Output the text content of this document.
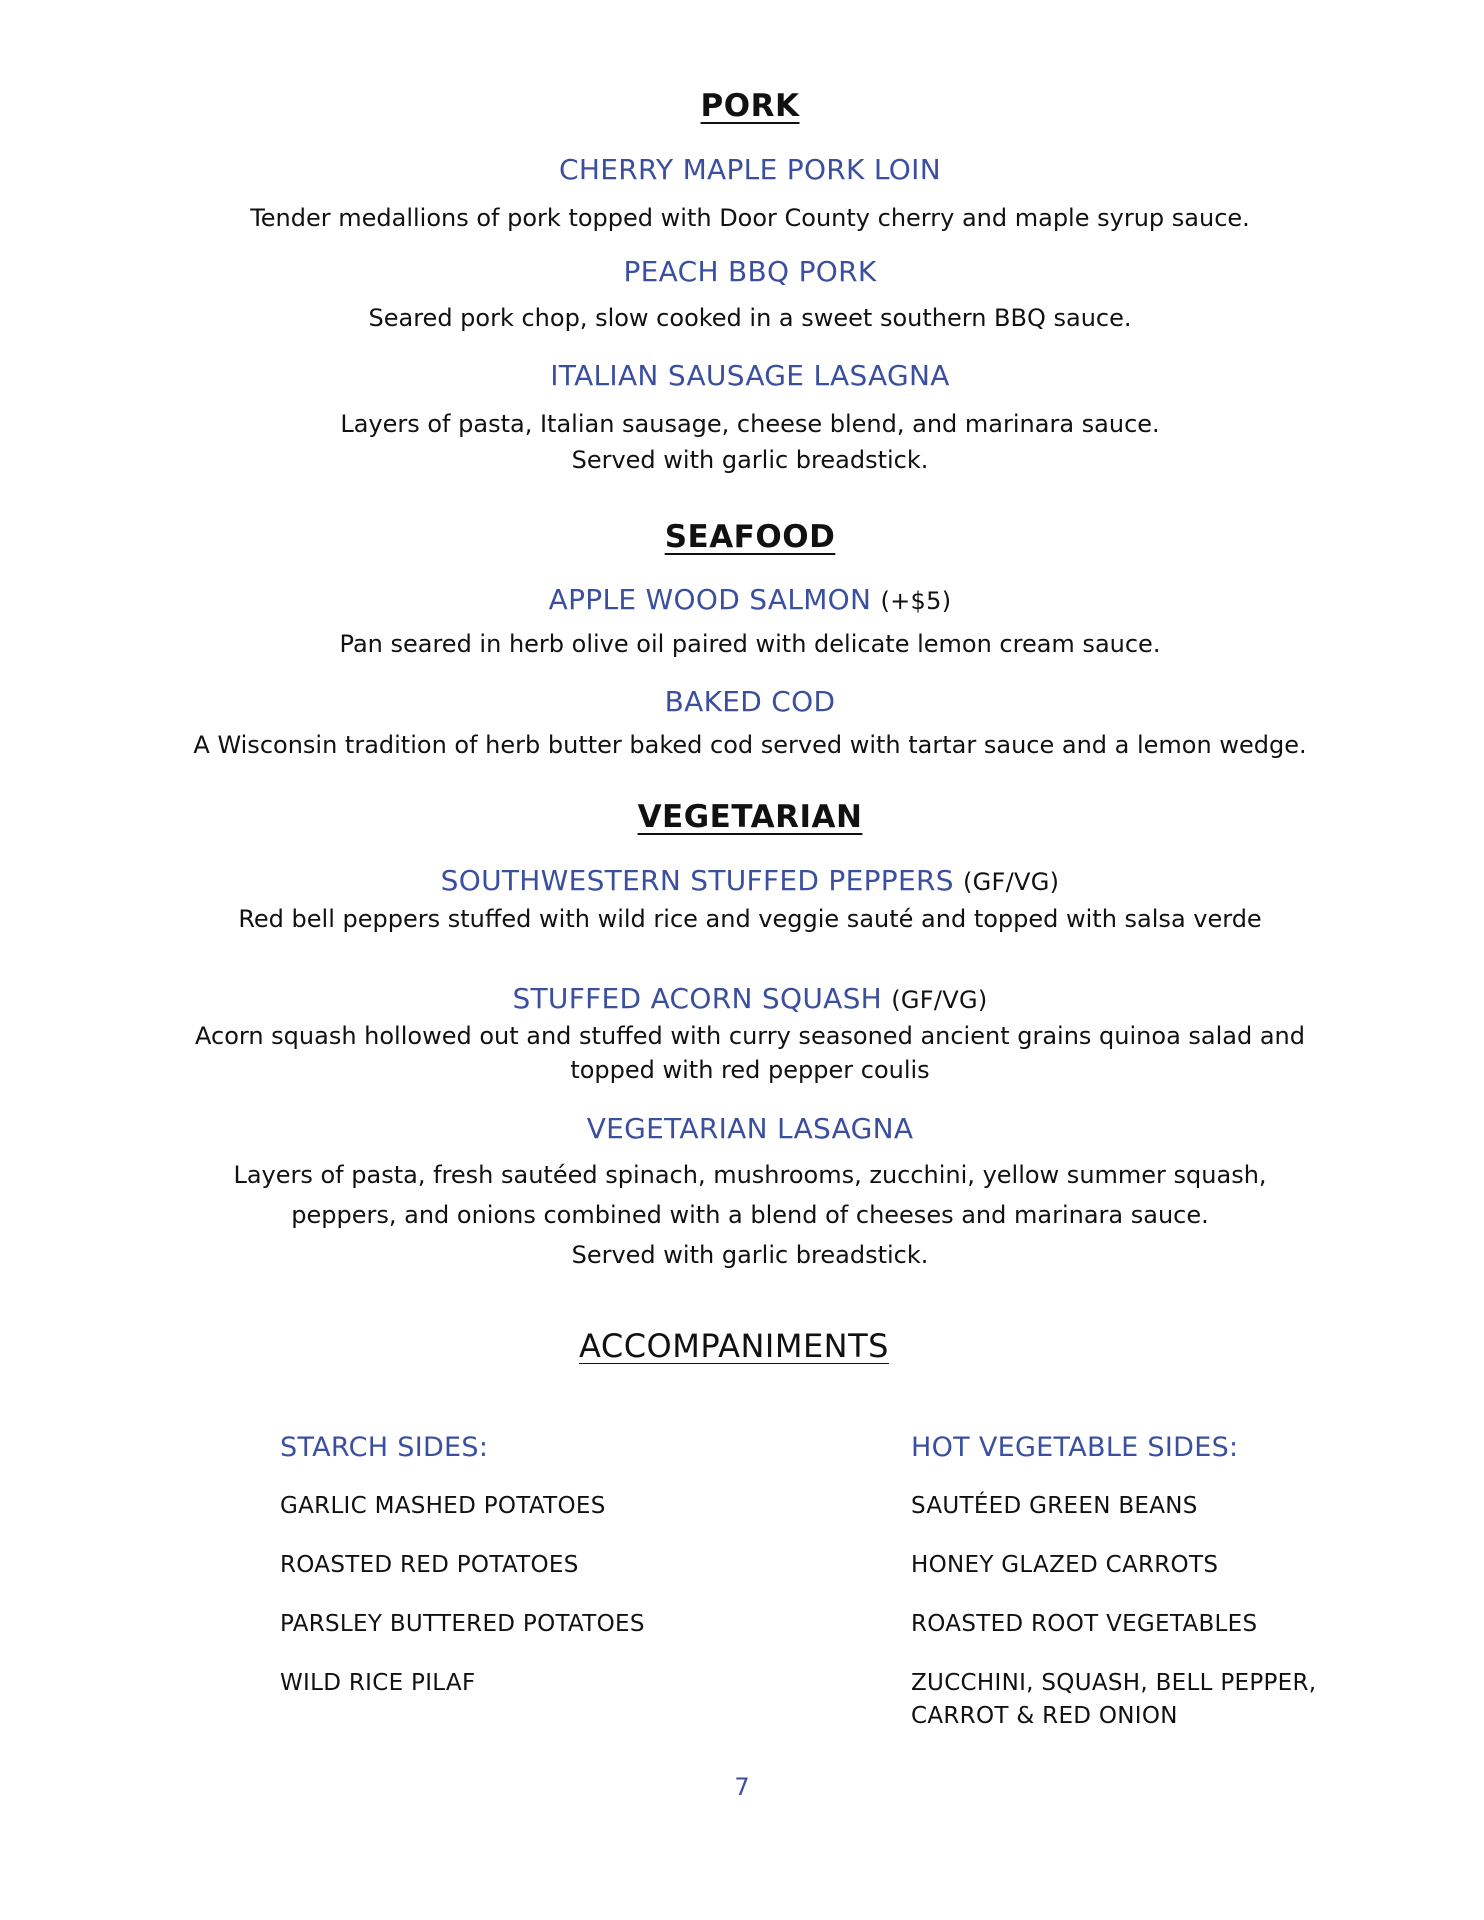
PORK
CHERRY MAPLE PORK LOIN
Tender medallions of pork topped with Door County cherry and maple syrup sauce.
PEACH BBQ PORK
Seared pork chop, slow cooked in a sweet southern BBQ sauce.
ITALIAN SAUSAGE LASAGNA
Layers of pasta, Italian sausage, cheese blend, and marinara sauce.
Served with garlic breadstick.
SEAFOOD
APPLE WOOD SALMON (+$5)
Pan seared in herb olive oil paired with delicate lemon cream sauce.
BAKED COD
A Wisconsin tradition of herb butter baked cod served with tartar sauce and a lemon wedge.
VEGETARIAN
SOUTHWESTERN STUFFED PEPPERS (GF/VG)
Red bell peppers stuffed with wild rice and veggie sauté and topped with salsa verde
STUFFED ACORN SQUASH (GF/VG)
Acorn squash hollowed out and stuffed with curry seasoned ancient grains quinoa salad and
topped with red pepper coulis
VEGETARIAN LASAGNA
Layers of pasta, fresh sautéed spinach, mushrooms, zucchini, yellow summer squash,
peppers, and onions combined with a blend of cheeses and marinara sauce.
Served with garlic breadstick.
ACCOMPANIMENTS
STARCH SIDES:
GARLIC MASHED POTATOES
ROASTED RED POTATOES
PARSLEY BUTTERED POTATOES
WILD RICE PILAF
HOT VEGETABLE SIDES:
SAUTÉED GREEN BEANS
HONEY GLAZED CARROTS
ROASTED ROOT VEGETABLES
ZUCCHINI, SQUASH, BELL PEPPER,
CARROT & RED ONION
7
